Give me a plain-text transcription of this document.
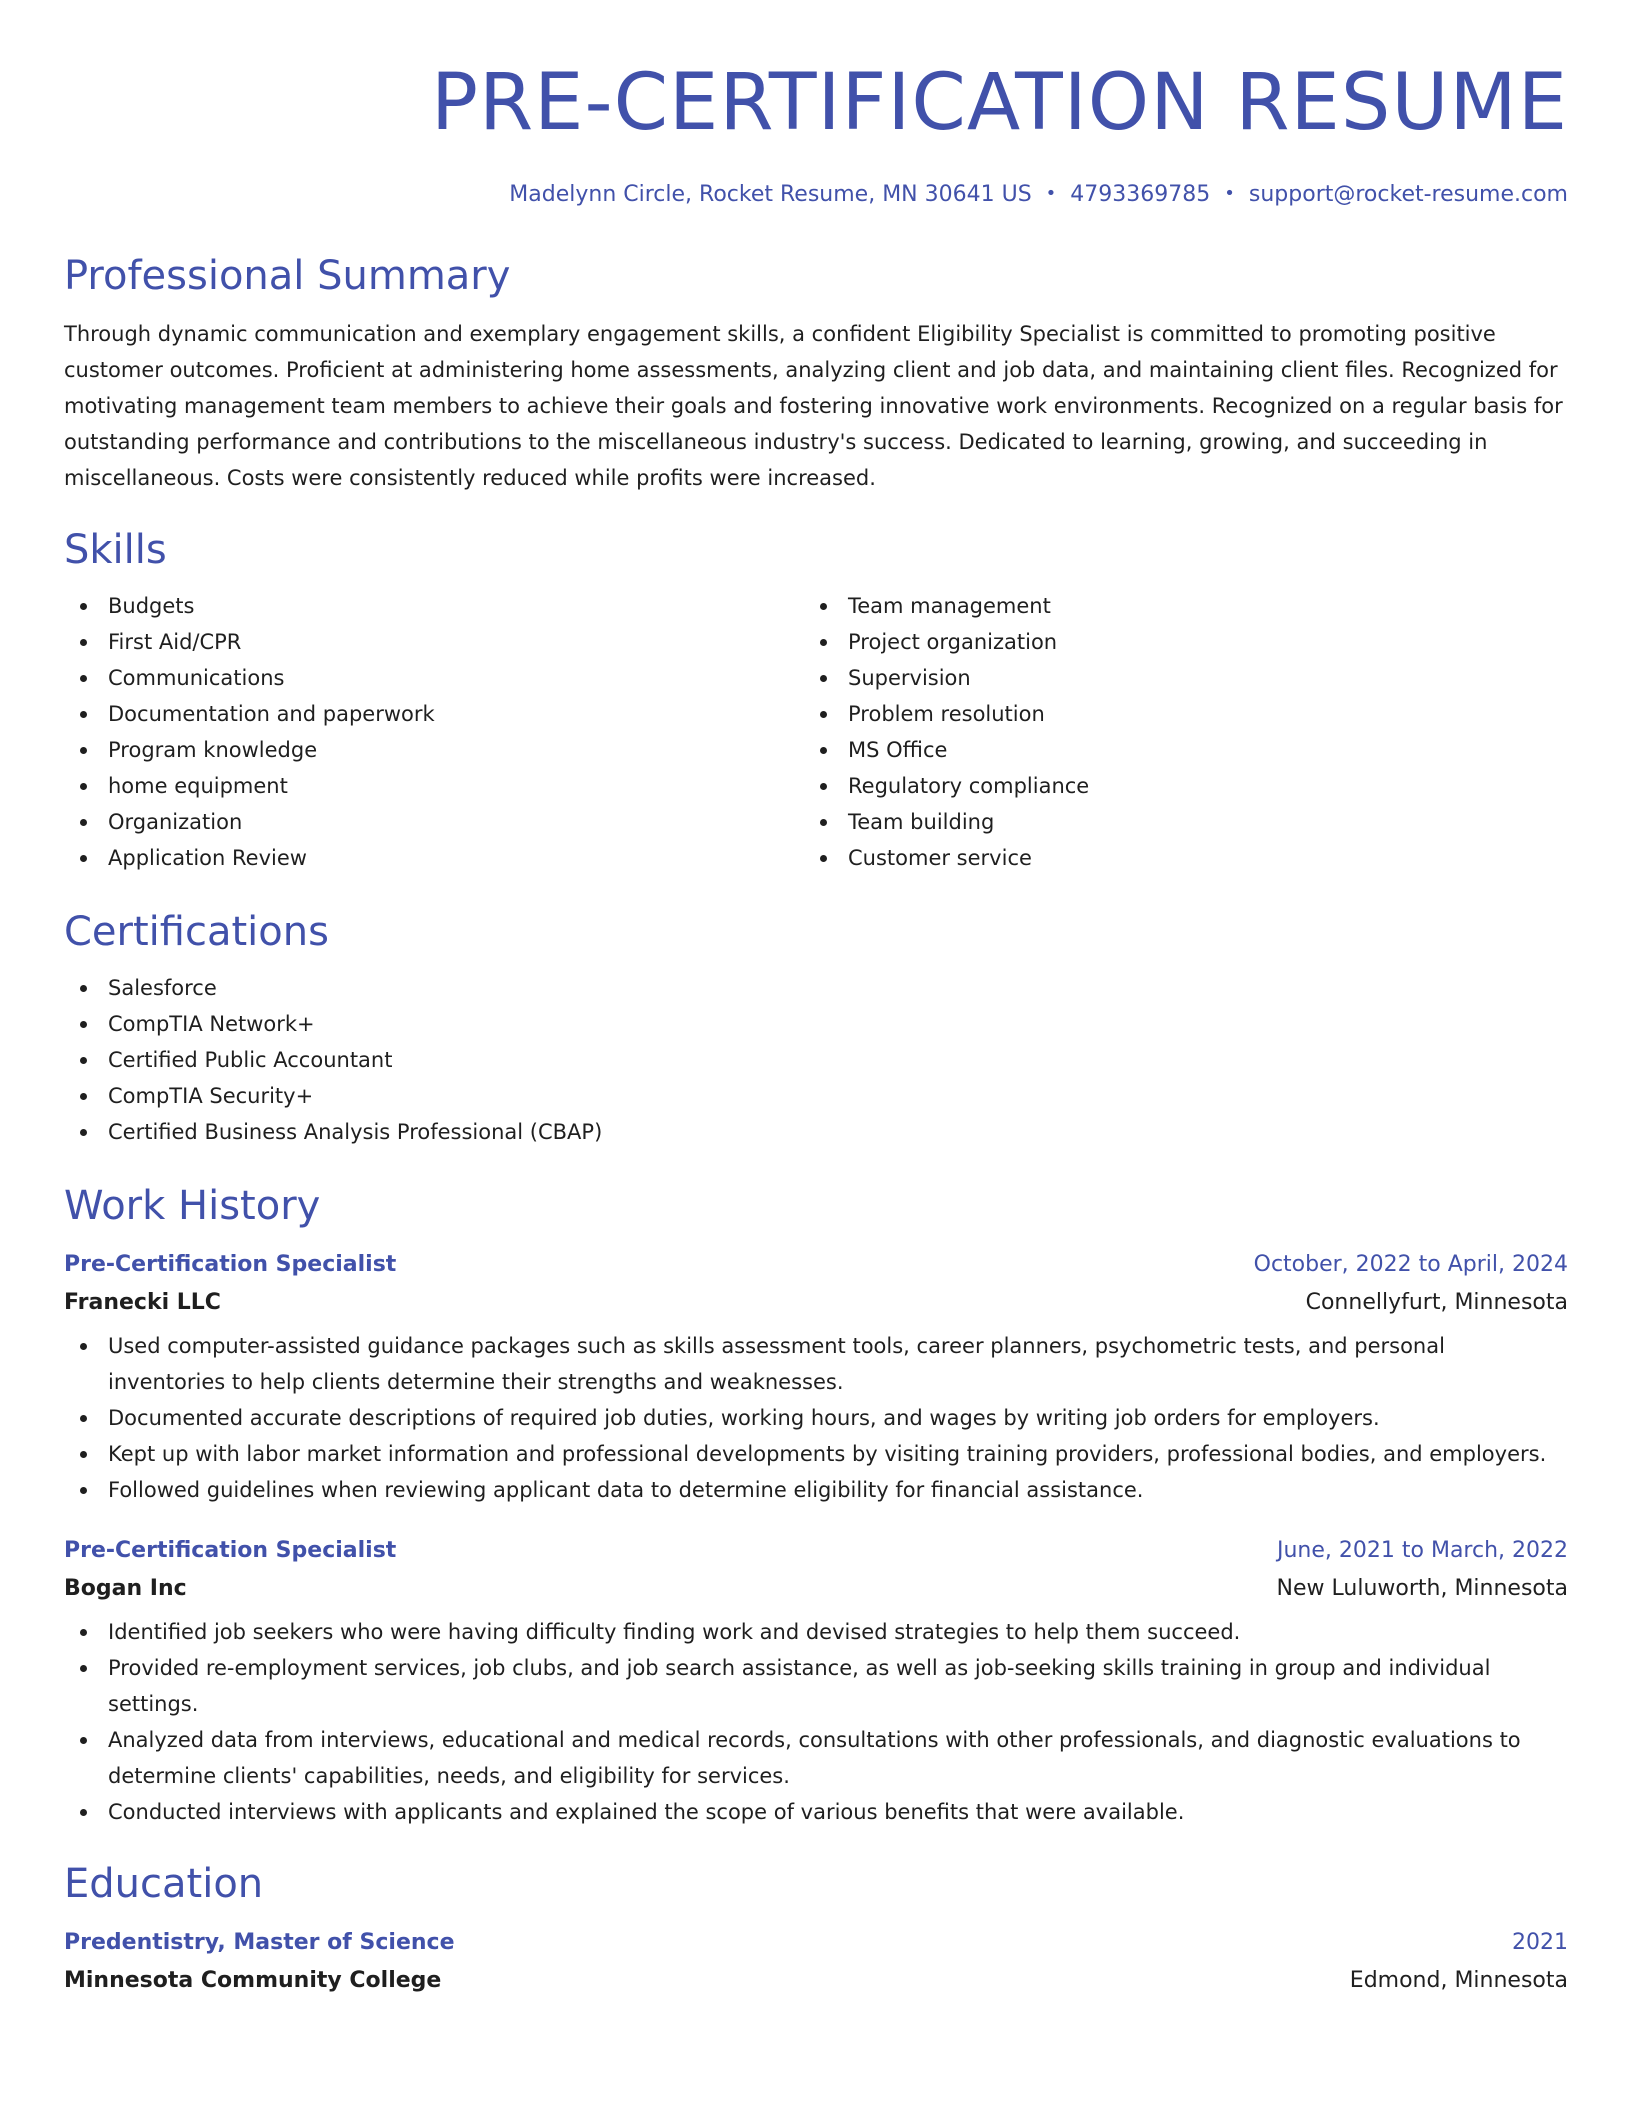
PRE-CERTIFICATION RESUME
Madelynn Circle, Rocket Resume, MN 30641 US • 4793369785 • support@rocket-resume.com
Professional Summary

Through dynamic communication and exemplary engagement skills, a confident Eligibility Specialist is committed to promoting positive customer outcomes. Proficient at administering home assessments, analyzing client and job data, and maintaining client files. Recognized for motivating management team members to achieve their goals and fostering innovative work environments. Recognized on a regular basis for outstanding performance and contributions to the miscellaneous industry's success. Dedicated to learning, growing, and succeeding in miscellaneous. Costs were consistently reduced while profits were increased.

Skills
Budgets
First Aid/CPR
Communications
Documentation and paperwork
Program knowledge
home equipment
Organization
Application Review
Team management
Project organization
Supervision
Problem resolution
MS Office
Regulatory compliance
Team building
Customer service
Certifications
Salesforce
CompTIA Network+
Certified Public Accountant
CompTIA Security+
Certified Business Analysis Professional (CBAP)
Work History
Pre-Certification Specialist	October, 2022 to April, 2024
Franecki LLC	Connellyfurt, Minnesota
Used computer-assisted guidance packages such as skills assessment tools, career planners, psychometric tests, and personal inventories to help clients determine their strengths and weaknesses.
Documented accurate descriptions of required job duties, working hours, and wages by writing job orders for employers.
Kept up with labor market information and professional developments by visiting training providers, professional bodies, and employers.
Followed guidelines when reviewing applicant data to determine eligibility for financial assistance.
Pre-Certification Specialist	June, 2021 to March, 2022
Bogan Inc	New Luluworth, Minnesota
Identified job seekers who were having difficulty finding work and devised strategies to help them succeed.
Provided re-employment services, job clubs, and job search assistance, as well as job-seeking skills training in group and individual settings.
Analyzed data from interviews, educational and medical records, consultations with other professionals, and diagnostic evaluations to determine clients' capabilities, needs, and eligibility for services.
Conducted interviews with applicants and explained the scope of various benefits that were available.
Education
Predentistry, Master of Science	2021
Minnesota Community College	Edmond, Minnesota
